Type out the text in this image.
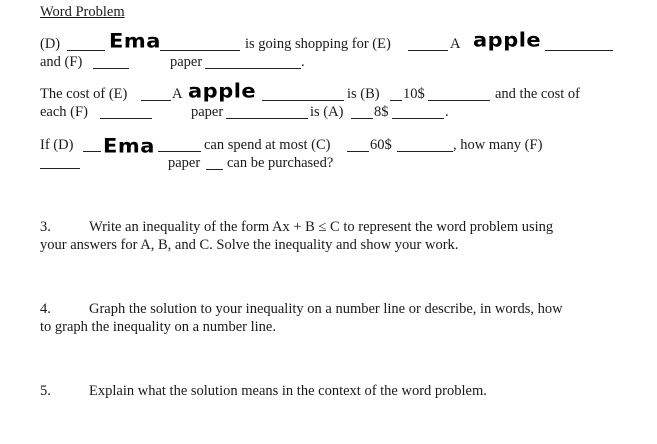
Word Problem
(D) Ema	is going shopping for (E)	A apple
and (F)	paper	.
The cost of (E)	A apple	is (B) 10$	and the cost of
each (F)	paper	is (A) 8$	.
If (D) Ema	can spend at most (C)	60$	, how many (F)
paper can be purchased?
3.	Write an inequality of the form Ax + B ≤ C to represent the word problem using
your answers for A, B, and C. Solve the inequality and show your work.
4.	Graph the solution to your inequality on a number line or describe, in words, how
to graph the inequality on a number line.
5.	Explain what the solution means in the context of the word problem.
